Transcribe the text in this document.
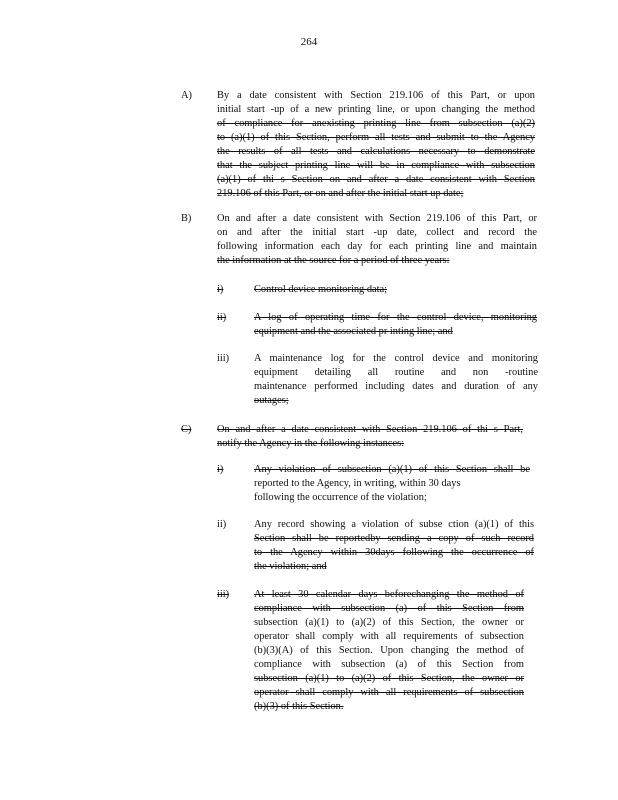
264
A) By a date consistent with Section 219.106 of this Part, or upon
initial start -up of a new printing line, or upon changing the method
of compliance for anexisting printing line from subsection (a)(2)
to (a)(1) of this Section, perform all tests and submit to the Agency
the results of all tests and calculations necessary to demonstrate
that the subject printing line will be in compliance with subsection
(a)(1) of thi s Section on and after a date consistent with Section
219.106 of this Part, or on and after the initial start up date;
B) On and after a date consistent with Section 219.106 of this Part, or
on and after the initial start -up date, collect and record the
following information each day for each printing line and maintain
the information at the source for a period of three years:
i)	Control device monitoring data;
ii)	A log of operating time for the control device, monitoring
equipment and the associated pr inting line; and
iii) A maintenance log for the control device and monitoring
equipment detailing all routine and non -routine
maintenance performed including dates and duration of any
outages;
C) On and after a date consistent with Section 219.106 of thi s Part,
notify the Agency in the following instances:
i)	Any violation of subsection (a)(1) of this Section shall be
reported to the Agency, in writing, within 30 days
following the occurrence of the violation;
ii)	Any record showing a violation of subse ction (a)(1) of this
Section shall be reportedby sending a copy of such record
to the Agency within 30days following the occurrence of
the violation; and
iii) At least 30 calendar days beforechanging the method of
compliance with subsection (a) of this Section from
subsection (a)(1) to (a)(2) of this Section, the owner or
operator shall comply with all requirements of subsection
(b)(3)(A) of this Section. Upon changing the method of
compliance with subsection (a) of this Section from
subsection (a)(1) to (a)(2) of this Section, the owner or
operator shall comply with all requirements of subsection
(b)(3) of this Section.
